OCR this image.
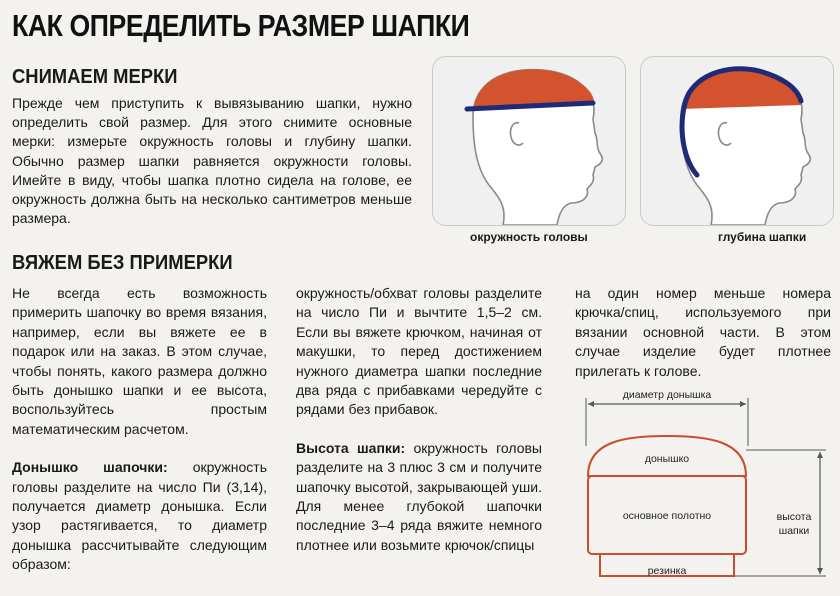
КАК ОПРЕДЕЛИТЬ РАЗМЕР ШАПКИ
СНИМАЕМ МЕРКИ
Прежде чем приступить к вывязыванию шапки, нужно определить свой размер. Для этого снимите основные мерки: измерьте окружность головы и глубину шапки. Обычно размер шапки равняется окружности головы. Имейте в виду, чтобы шапка плотно сидела на голове, ее окружность должна быть на несколько сантиметров меньше размера.
окружность головы	глубина шапки
ВЯЖЕМ БЕЗ ПРИМЕРКИ

Не всегда есть возможность примерить шапочку во время вязания, например, если вы вяжете ее в подарок или на заказ. В этом случае, чтобы понять, какого размера должно быть донышко шапки и ее высота, воспользуйтесь простым математическим расчетом.

Донышко шапочки: окружность головы разделите на число Пи (3,14), получается диаметр донышка. Если узор растягивается, то диаметр донышка рассчитывайте следующим образом:

окружность/обхват головы разделите на число Пи и вычтите 1,5–2 см. Если вы вяжете крючком, начиная от макушки, то перед достижением нужного диаметра шапки последние два ряда с прибавками чередуйте с рядами без прибавок.

Высота шапки: окружность головы разделите на 3 плюс 3 см и получите шапочку высотой, закрывающей уши. Для менее глубокой шапочки последние 3–4 ряда вяжите немного плотнее или возьмите крючок/спицы

на один номер меньше номера крючка/спиц, используемого при вязании основной части. В этом случае изделие будет плотнее прилегать к голове.

диаметр донышка
донышко
основное полотно
резинка
высота
шапки
